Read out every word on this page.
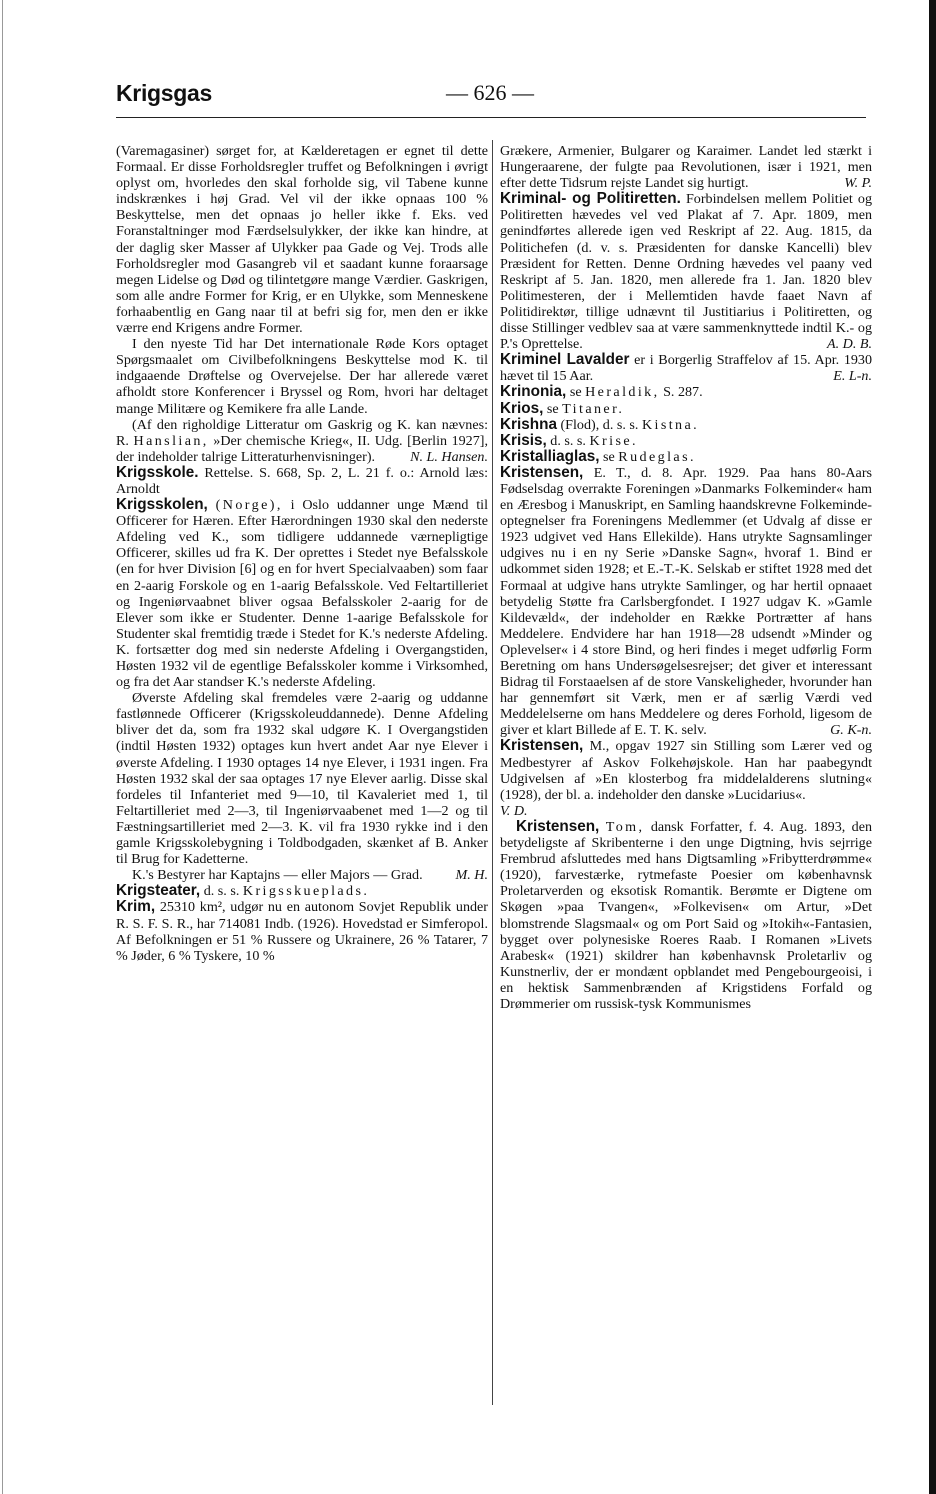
Krigsgas	— 626 —

(Varemagasiner) sørget for, at Kælderetagen er egnet til dette Formaal. Er disse Forholdsregler truffet og Befolkningen i øvrigt oplyst om, hvorledes den skal forholde sig, vil Tabene kunne indskrænkes i høj Grad. Vel vil der ikke opnaas 100 % Beskyttelse, men det opnaas jo heller ikke f. Eks. ved Foranstaltninger mod Færdselsulykker, der ikke kan hindre, at der daglig sker Masser af Ulykker paa Gade og Vej. Trods alle Forholdsregler mod Gasangreb vil et saadant kunne foraarsage megen Lidelse og Død og tilintetgøre mange Værdier. Gaskrigen, som alle andre Former for Krig, er en Ulykke, som Menneskene forhaabentlig en Gang naar til at befri sig for, men den er ikke værre end Krigens andre Former.

I den nyeste Tid har Det internationale Røde Kors optaget Spørgsmaalet om Civilbefolkningens Beskyttelse mod K. til indgaaende Drøftelse og Overvejelse. Der har allerede været afholdt store Konferencer i Bryssel og Rom, hvori har deltaget mange Militære og Kemikere fra alle Lande.

(Af den righoldige Litteratur om Gaskrig og K. kan nævnes: R. Hanslian, »Der chemische Krieg«, II. Udg. [Berlin 1927], der indeholder talrige Litteraturhenvisninger).	N. L. Hansen.

Krigsskole. Rettelse. S. 668, Sp. 2, L. 21 f. o.: Arnold læs: Arnoldt

Krigsskolen, (Norge), i Oslo uddanner unge Mænd til Officerer for Hæren. Efter Hærordningen 1930 skal den nederste Afdeling ved K., som tidligere uddannede værnepligtige Officerer, skilles ud fra K. Der oprettes i Stedet nye Befalsskole (en for hver Division [6] og en for hvert Specialvaaben) som faar en 2-aarig Forskole og en 1-aarig Befalsskole. Ved Feltartilleriet og Ingeniørvaabnet bliver ogsaa Befalsskoler 2-aarig for de Elever som ikke er Studenter. Denne 1-aarige Befalsskole for Studenter skal fremtidig træde i Stedet for K.'s nederste Afdeling. K. fortsætter dog med sin nederste Afdeling i Overgangstiden, Høsten 1932 vil de egentlige Befalsskoler komme i Virksomhed, og fra det Aar standser K.'s nederste Afdeling.

Øverste Afdeling skal fremdeles være 2-aarig og uddanne fastlønnede Officerer (Krigsskoleuddannede). Denne Afdeling bliver det da, som fra 1932 skal udgøre K. I Overgangstiden (indtil Høsten 1932) optages kun hvert andet Aar nye Elever i øverste Afdeling. I 1930 optages 14 nye Elever, i 1931 ingen. Fra Høsten 1932 skal der saa optages 17 nye Elever aarlig. Disse skal fordeles til Infanteriet med 9—10, til Kavaleriet med 1, til Feltartilleriet med 2—3, til Ingeniørvaabenet med 1—2 og til Fæstningsartilleriet med 2—3. K. vil fra 1930 rykke ind i den gamle Krigsskolebygning i Toldbodgaden, skænket af B. Anker til Brug for Kadetterne.

K.'s Bestyrer har Kaptajns — eller Majors — Grad.	M. H.

Krigsteater, d. s. s. Krigsskueplads.

Krim, 25310 km², udgør nu en autonom Sovjet Republik under R. S. F. S. R., har 714081 Indb. (1926). Hovedstad er Simferopol. Af Befolkningen er 51 % Russere og Ukrainere, 26 % Tatarer, 7 % Jøder, 6 % Tyskere, 10 %

Grækere, Armenier, Bulgarer og Karaimer. Landet led stærkt i Hungeraarene, der fulgte paa Revolutionen, især i 1921, men efter dette Tidsrum rejste Landet sig hurtigt.	W. P.

Kriminal- og Politiretten. Forbindelsen mellem Politiet og Politiretten hævedes vel ved Plakat af 7. Apr. 1809, men genindførtes allerede igen ved Reskript af 22. Aug. 1815, da Politichefen (d. v. s. Præsidenten for danske Kancelli) blev Præsident for Retten. Denne Ordning hævedes vel paany ved Reskript af 5. Jan. 1820, men allerede fra 1. Jan. 1820 blev Politimesteren, der i Mellemtiden havde faaet Navn af Politidirektør, tillige udnævnt til Justitiarius i Politiretten, og disse Stillinger vedblev saa at være sammenknyttede indtil K.- og P.'s Oprettelse.	A. D. B.

Kriminel Lavalder er i Borgerlig Straffelov af 15. Apr. 1930 hævet til 15 Aar.	E. L-n.

Krinonia, se Heraldik, S. 287.

Krios, se Titaner.

Krishna (Flod), d. s. s. Kistna.

Krisis, d. s. s. Krise.

Kristalliaglas, se Rudeglas.

Kristensen, E. T., d. 8. Apr. 1929. Paa hans 80-Aars Fødselsdag overrakte Foreningen »Danmarks Folkeminder« ham en Æresbog i Manuskript, en Samling haandskrevne Folkeminde-optegnelser fra Foreningens Medlemmer (et Udvalg af disse er 1923 udgivet ved Hans Ellekilde). Hans utrykte Sagnsamlinger udgives nu i en ny Serie »Danske Sagn«, hvoraf 1. Bind er udkommet siden 1928; et E.-T.-K. Selskab er stiftet 1928 med det Formaal at udgive hans utrykte Samlinger, og har hertil opnaaet betydelig Støtte fra Carlsbergfondet. I 1927 udgav K. »Gamle Kildevæld«, der indeholder en Række Portrætter af hans Meddelere. Endvidere har han 1918—28 udsendt »Minder og Oplevelser« i 4 store Bind, og heri findes i meget udførlig Form Beretning om hans Undersøgelsesrejser; det giver et interessant Bidrag til Forstaaelsen af de store Vanskeligheder, hvorunder han har gennemført sit Værk, men er af særlig Værdi ved Meddelelserne om hans Meddelere og deres Forhold, ligesom de giver et klart Billede af E. T. K. selv.	G. K-n.

Kristensen, M., opgav 1927 sin Stilling som Lærer ved og Medbestyrer af Askov Folkehøjskole. Han har paabegyndt Udgivelsen af »En klosterbog fra middelalderens slutning« (1928), der bl. a. indeholder den danske »Lucidarius«.

V. D.

Kristensen, Tom, dansk Forfatter, f. 4. Aug. 1893, den betydeligste af Skribenterne i den unge Digtning, hvis sejrrige Frembrud afsluttedes med hans Digtsamling »Fribytterdrømme« (1920), farvestærke, rytmefaste Poesier om københavnsk Proletarverden og eksotisk Romantik. Berømte er Digtene om Skøgen »paa Tvangen«, »Folkevisen« om Artur, »Det blomstrende Slagsmaal« og om Port Said og »Itokih«-Fantasien, bygget over polynesiske Roeres Raab. I Romanen »Livets Arabesk« (1921) skildrer han københavnsk Proletarliv og Kunstnerliv, der er mondænt opblandet med Pengebourgeoisi, i en hektisk Sammenbrænden af Krigstidens Forfald og Drømmerier om russisk-tysk Kommunismes
